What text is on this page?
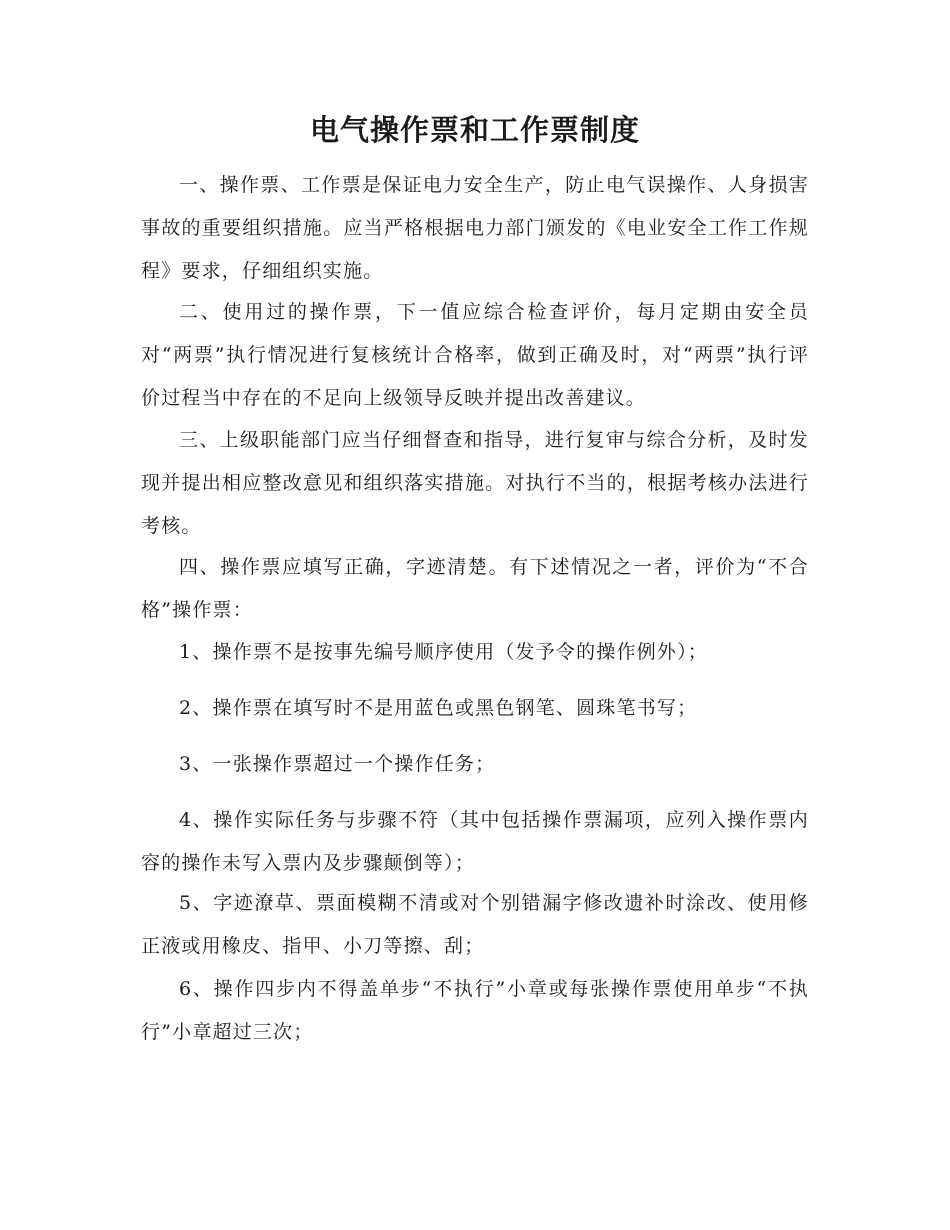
电气操作票和工作票制度

一、操作票、工作票是保证电力安全生产，防止电气误操作、人身损害事故的重要组织措施。应当严格根据电力部门颁发的《电业安全工作工作规程》要求，仔细组织实施。

二、使用过的操作票，下一值应综合检查评价，每月定期由安全员对“两票”执行情况进行复核统计合格率，做到正确及时，对“两票”执行评价过程当中存在的不足向上级领导反映并提出改善建议。

三、上级职能部门应当仔细督查和指导，进行复审与综合分析，及时发现并提出相应整改意见和组织落实措施。对执行不当的，根据考核办法进行考核。

四、操作票应填写正确，字迹清楚。有下述情况之一者，评价为“不合格”操作票：

1、操作票不是按事先编号顺序使用（发予令的操作例外）；

2、操作票在填写时不是用蓝色或黑色钢笔、圆珠笔书写；

3、一张操作票超过一个操作任务；

4、操作实际任务与步骤不符（其中包括操作票漏项，应列入操作票内容的操作未写入票内及步骤颠倒等）；

5、字迹潦草、票面模糊不清或对个别错漏字修改遗补时涂改、使用修正液或用橡皮、指甲、小刀等擦、刮；

6、操作四步内不得盖单步“不执行”小章或每张操作票使用单步“不执行”小章超过三次；
